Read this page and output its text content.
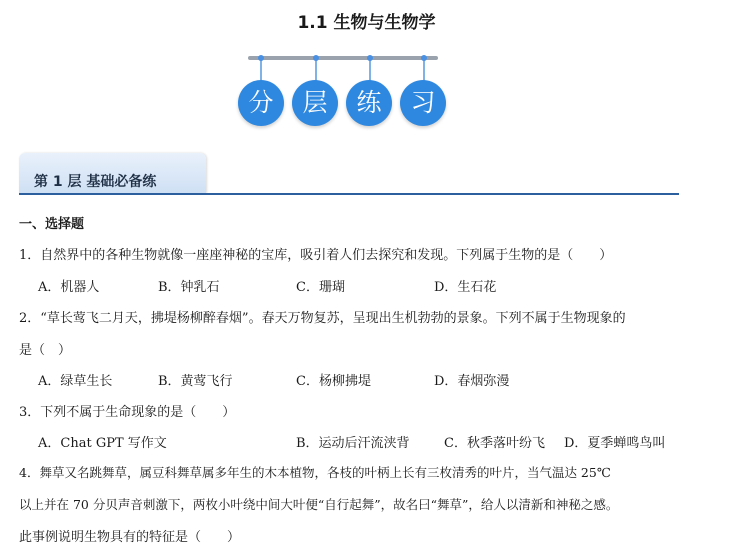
1.1 生物与生物学
分	层	练	习
第 1 层 基础必备练
一、选择题
1．自然界中的各种生物就像一座座神秘的宝库，吸引着人们去探究和发现。下列属于生物的是（　　）
A．机器人	B．钟乳石	C．珊瑚	D．生石花
2．“草长莺飞二月天，拂堤杨柳醉春烟”。春天万物复苏，呈现出生机勃勃的景象。下列不属于生物现象的
是（　）
A．绿草生长	B．黄莺飞行	C．杨柳拂堤	D．春烟弥漫
3．下列不属于生命现象的是（　　）
A．Chat GPT 写作文	B．运动后汗流浃背	C．秋季落叶纷飞 D．夏季蝉鸣鸟叫
4．舞草又名跳舞草，属豆科舞草属多年生的木本植物，各枝的叶柄上长有三枚清秀的叶片，当气温达 25℃
以上并在 70 分贝声音刺激下，两枚小叶绕中间大叶便“自行起舞”，故名曰“舞草”，给人以清新和神秘之感。
此事例说明生物具有的特征是（　　）
